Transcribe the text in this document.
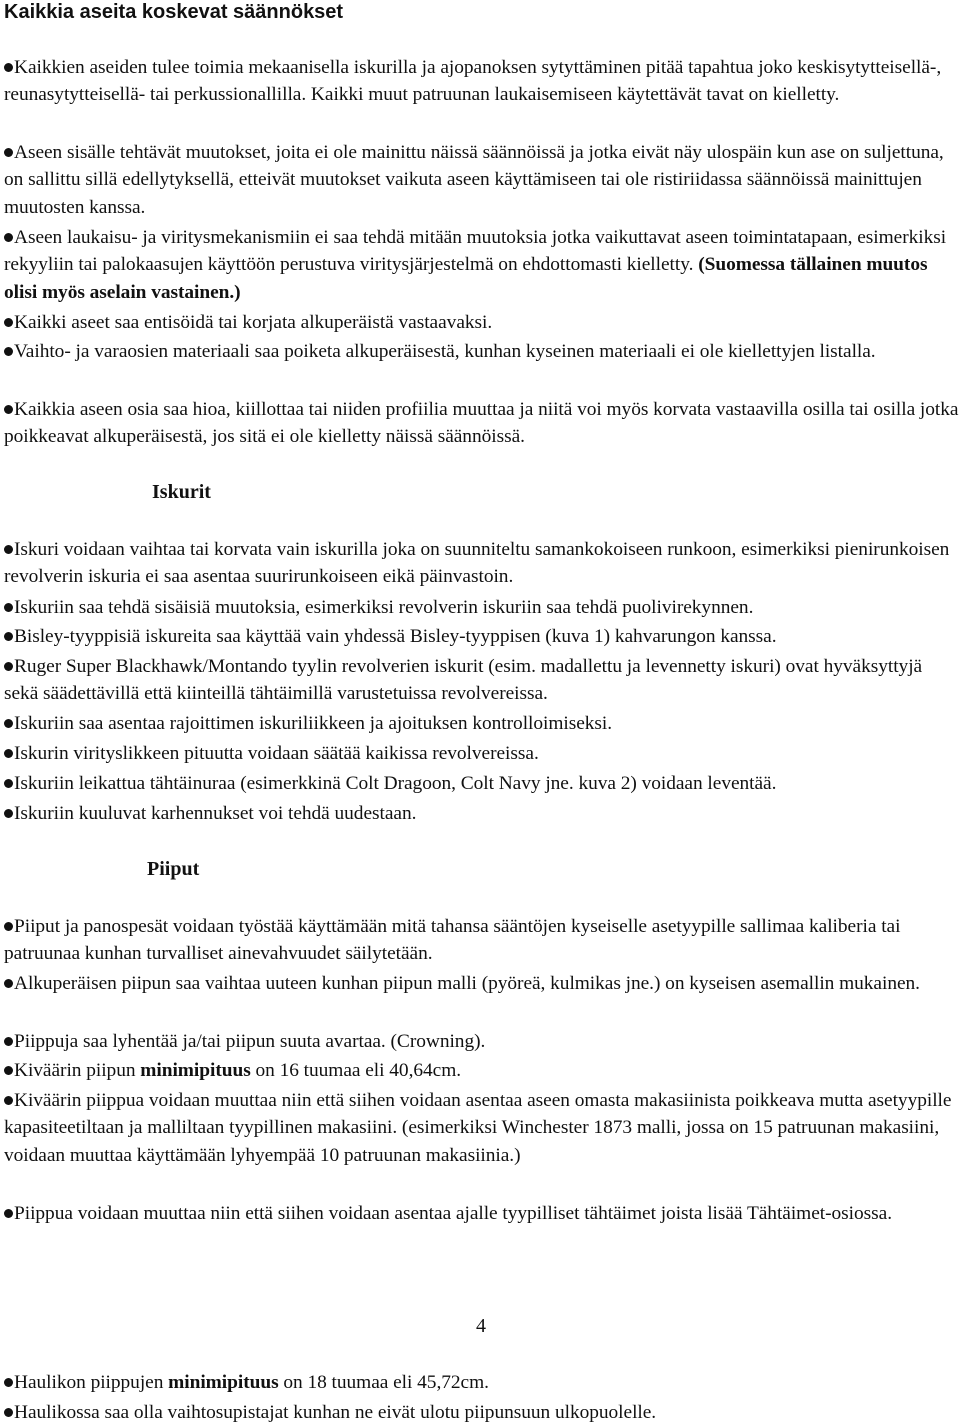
Kaikkia aseita koskevat säännökset

Kaikkien aseiden tulee toimia mekaanisella iskurilla ja ajopanoksen sytyttäminen pitää tapahtua joko keskisytytteisellä-, reunasytytteisellä- tai perkussionallilla. Kaikki muut patruunan laukaisemiseen käytettävät tavat on kielletty.

Aseen sisälle tehtävät muutokset, joita ei ole mainittu näissä säännöissä ja jotka eivät näy ulospäin kun ase on suljettuna, on sallittu sillä edellytyksellä, etteivät muutokset vaikuta aseen käyttämiseen tai ole ristiriidassa säännöissä mainittujen muutosten kanssa.

Aseen laukaisu- ja viritysmekanismiin ei saa tehdä mitään muutoksia jotka vaikuttavat aseen toimintatapaan, esimerkiksi rekyyliin tai palokaasujen käyttöön perustuva viritysjärjestelmä on ehdottomasti kielletty. (Suomessa tällainen muutos olisi myös aselain vastainen.)

Kaikki aseet saa entisöidä tai korjata alkuperäistä vastaavaksi.

Vaihto- ja varaosien materiaali saa poiketa alkuperäisestä, kunhan kyseinen materiaali ei ole kiellettyjen listalla.

Kaikkia aseen osia saa hioa, kiillottaa tai niiden profiilia muuttaa ja niitä voi myös korvata vastaavilla osilla tai osilla jotka poikkeavat alkuperäisestä, jos sitä ei ole kielletty näissä säännöissä.

Iskurit

Iskuri voidaan vaihtaa tai korvata vain iskurilla joka on suunniteltu samankokoiseen runkoon, esimerkiksi pienirunkoisen revolverin iskuria ei saa asentaa suurirunkoiseen eikä päinvastoin.

Iskuriin saa tehdä sisäisiä muutoksia, esimerkiksi revolverin iskuriin saa tehdä puolivirekynnen.

Bisley-tyyppisiä iskureita saa käyttää vain yhdessä Bisley-tyyppisen (kuva 1) kahvarungon kanssa.

Ruger Super Blackhawk/Montando tyylin revolverien iskurit (esim. madallettu ja levennetty iskuri) ovat hyväksyttyjä sekä säädettävillä että kiinteillä tähtäimillä varustetuissa revolvereissa.

Iskuriin saa asentaa rajoittimen iskuriliikkeen ja ajoituksen kontrolloimiseksi.

Iskurin virityslikkeen pituutta voidaan säätää kaikissa revolvereissa.

Iskuriin leikattua tähtäinuraa (esimerkkinä Colt Dragoon, Colt Navy jne. kuva 2) voidaan leventää.

Iskuriin kuuluvat karhennukset voi tehdä uudestaan.

Piiput

Piiput ja panospesät voidaan työstää käyttämään mitä tahansa sääntöjen kyseiselle asetyypille sallimaa kaliberia tai patruunaa kunhan turvalliset ainevahvuudet säilytetään.

Alkuperäisen piipun saa vaihtaa uuteen kunhan piipun malli (pyöreä, kulmikas jne.) on kyseisen asemallin mukainen.

Piippuja saa lyhentää ja/tai piipun suuta avartaa. (Crowning).

Kiväärin piipun minimipituus on 16 tuumaa eli 40,64cm.

Kiväärin piippua voidaan muuttaa niin että siihen voidaan asentaa aseen omasta makasiinista poikkeava mutta asetyypille kapasiteetiltaan ja malliltaan tyypillinen makasiini. (esimerkiksi Winchester 1873 malli, jossa on 15 patruunan makasiini, voidaan muuttaa käyttämään lyhyempää 10 patruunan makasiinia.)

Piippua voidaan muuttaa niin että siihen voidaan asentaa ajalle tyypilliset tähtäimet joista lisää Tähtäimet-osiossa.

4

Haulikon piippujen minimipituus on 18 tuumaa eli 45,72cm.

Haulikossa saa olla vaihtosupistajat kunhan ne eivät ulotu piipunsuun ulkopuolelle.
